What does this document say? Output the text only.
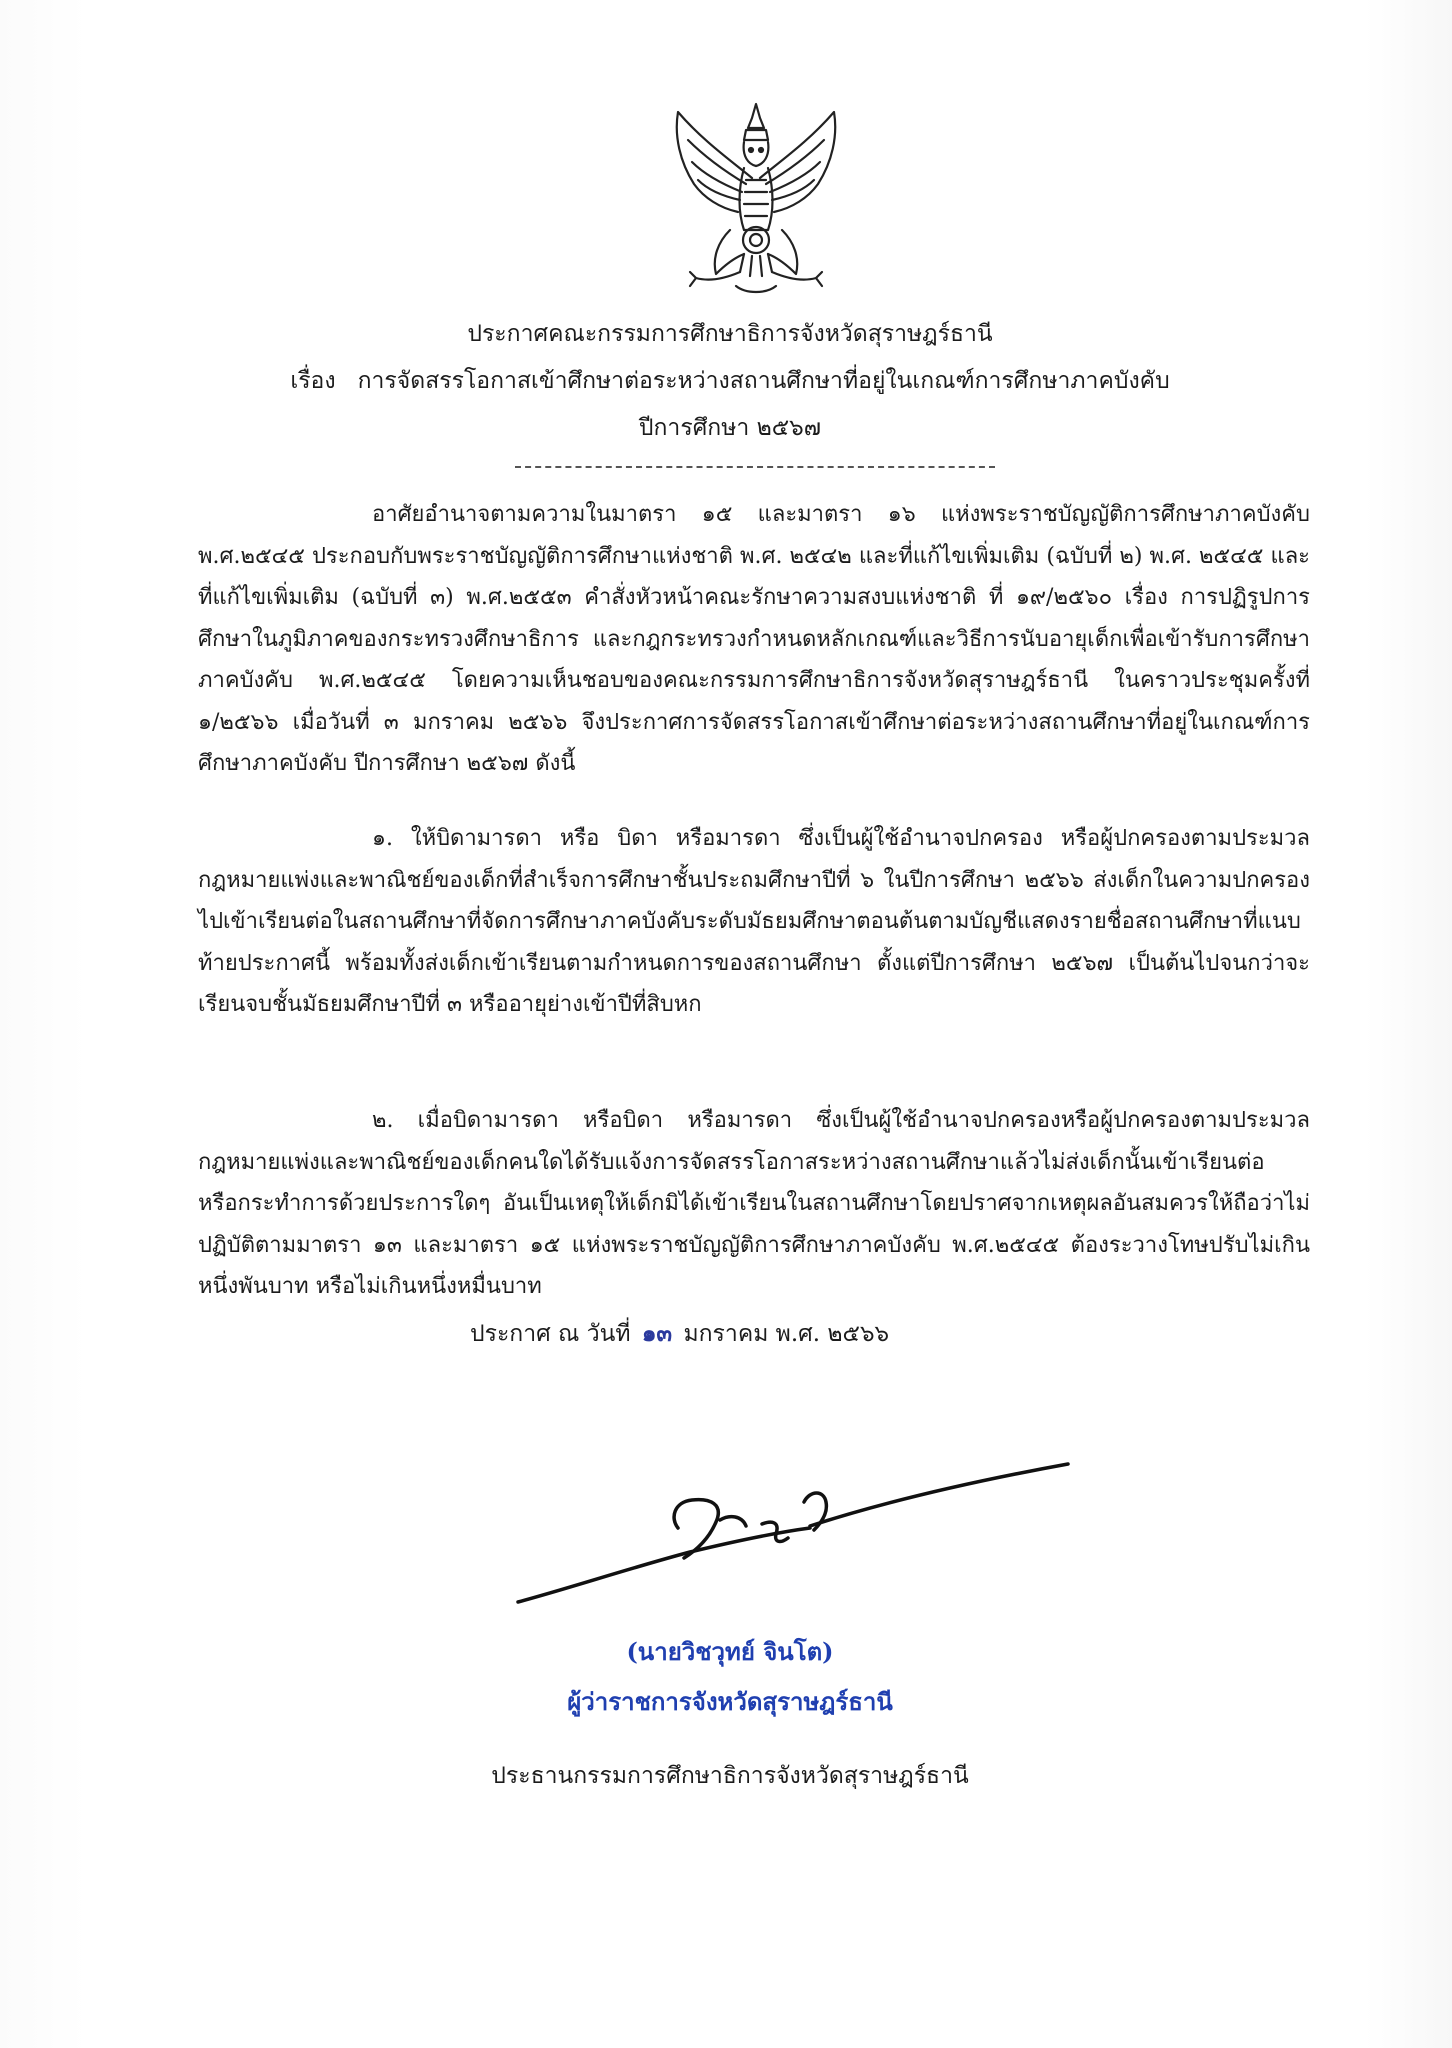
ประกาศคณะกรรมการศึกษาธิการจังหวัดสุราษฎร์ธานี
เรื่อง การจัดสรรโอกาสเข้าศึกษาต่อระหว่างสถานศึกษาที่อยู่ในเกณฑ์การศึกษาภาคบังคับ
ปีการศึกษา ๒๕๖๗

อาศัยอำนาจตามความในมาตรา ๑๕ และมาตรา ๑๖ แห่งพระราชบัญญัติการศึกษาภาคบังคับ พ.ศ.๒๕๔๕ ประกอบกับพระราชบัญญัติการศึกษาแห่งชาติ พ.ศ. ๒๕๔๒ และที่แก้ไขเพิ่มเติม (ฉบับที่ ๒) พ.ศ. ๒๕๔๕ และที่แก้ไขเพิ่มเติม (ฉบับที่ ๓) พ.ศ.๒๕๕๓ คำสั่งหัวหน้าคณะรักษาความสงบแห่งชาติ ที่ ๑๙/๒๕๖๐ เรื่อง การปฏิรูปการศึกษาในภูมิภาคของกระทรวงศึกษาธิการ และกฎกระทรวงกำหนดหลักเกณฑ์และวิธีการนับอายุเด็กเพื่อเข้ารับการศึกษาภาคบังคับ พ.ศ.๒๕๔๕ โดยความเห็นชอบของคณะกรรมการศึกษาธิการจังหวัดสุราษฎร์ธานี ในคราวประชุมครั้งที่ ๑/๒๕๖๖ เมื่อวันที่ ๓ มกราคม ๒๕๖๖ จึงประกาศการจัดสรรโอกาสเข้าศึกษาต่อระหว่างสถานศึกษาที่อยู่ในเกณฑ์การศึกษาภาคบังคับ ปีการศึกษา ๒๕๖๗ ดังนี้

๑. ให้บิดามารดา หรือ บิดา หรือมารดา ซึ่งเป็นผู้ใช้อำนาจปกครอง หรือผู้ปกครองตามประมวลกฎหมายแพ่งและพาณิชย์ของเด็กที่สำเร็จการศึกษาชั้นประถมศึกษาปีที่ ๖ ในปีการศึกษา ๒๕๖๖ ส่งเด็กในความปกครองไปเข้าเรียนต่อในสถานศึกษาที่จัดการศึกษาภาคบังคับระดับมัธยมศึกษาตอนต้นตามบัญชีแสดงรายชื่อสถานศึกษาที่แนบท้ายประกาศนี้ พร้อมทั้งส่งเด็กเข้าเรียนตามกำหนดการของสถานศึกษา ตั้งแต่ปีการศึกษา ๒๕๖๗ เป็นต้นไปจนกว่าจะเรียนจบชั้นมัธยมศึกษาปีที่ ๓ หรืออายุย่างเข้าปีที่สิบหก

๒. เมื่อบิดามารดา หรือบิดา หรือมารดา ซึ่งเป็นผู้ใช้อำนาจปกครองหรือผู้ปกครองตามประมวลกฎหมายแพ่งและพาณิชย์ของเด็กคนใดได้รับแจ้งการจัดสรรโอกาสระหว่างสถานศึกษาแล้วไม่ส่งเด็กนั้นเข้าเรียนต่อ หรือกระทำการด้วยประการใดๆ อันเป็นเหตุให้เด็กมิได้เข้าเรียนในสถานศึกษาโดยปราศจากเหตุผลอันสมควรให้ถือว่าไม่ปฏิบัติตามมาตรา ๑๓ และมาตรา ๑๕ แห่งพระราชบัญญัติการศึกษาภาคบังคับ พ.ศ.๒๕๔๕ ต้องระวางโทษปรับไม่เกินหนึ่งพันบาท หรือไม่เกินหนึ่งหมื่นบาท

ประกาศ ณ วันที่ ๑๓ มกราคม พ.ศ. ๒๕๖๖
(นายวิชวุทย์ จินโต)
ผู้ว่าราชการจังหวัดสุราษฎร์ธานี
ประธานกรรมการศึกษาธิการจังหวัดสุราษฎร์ธานี
